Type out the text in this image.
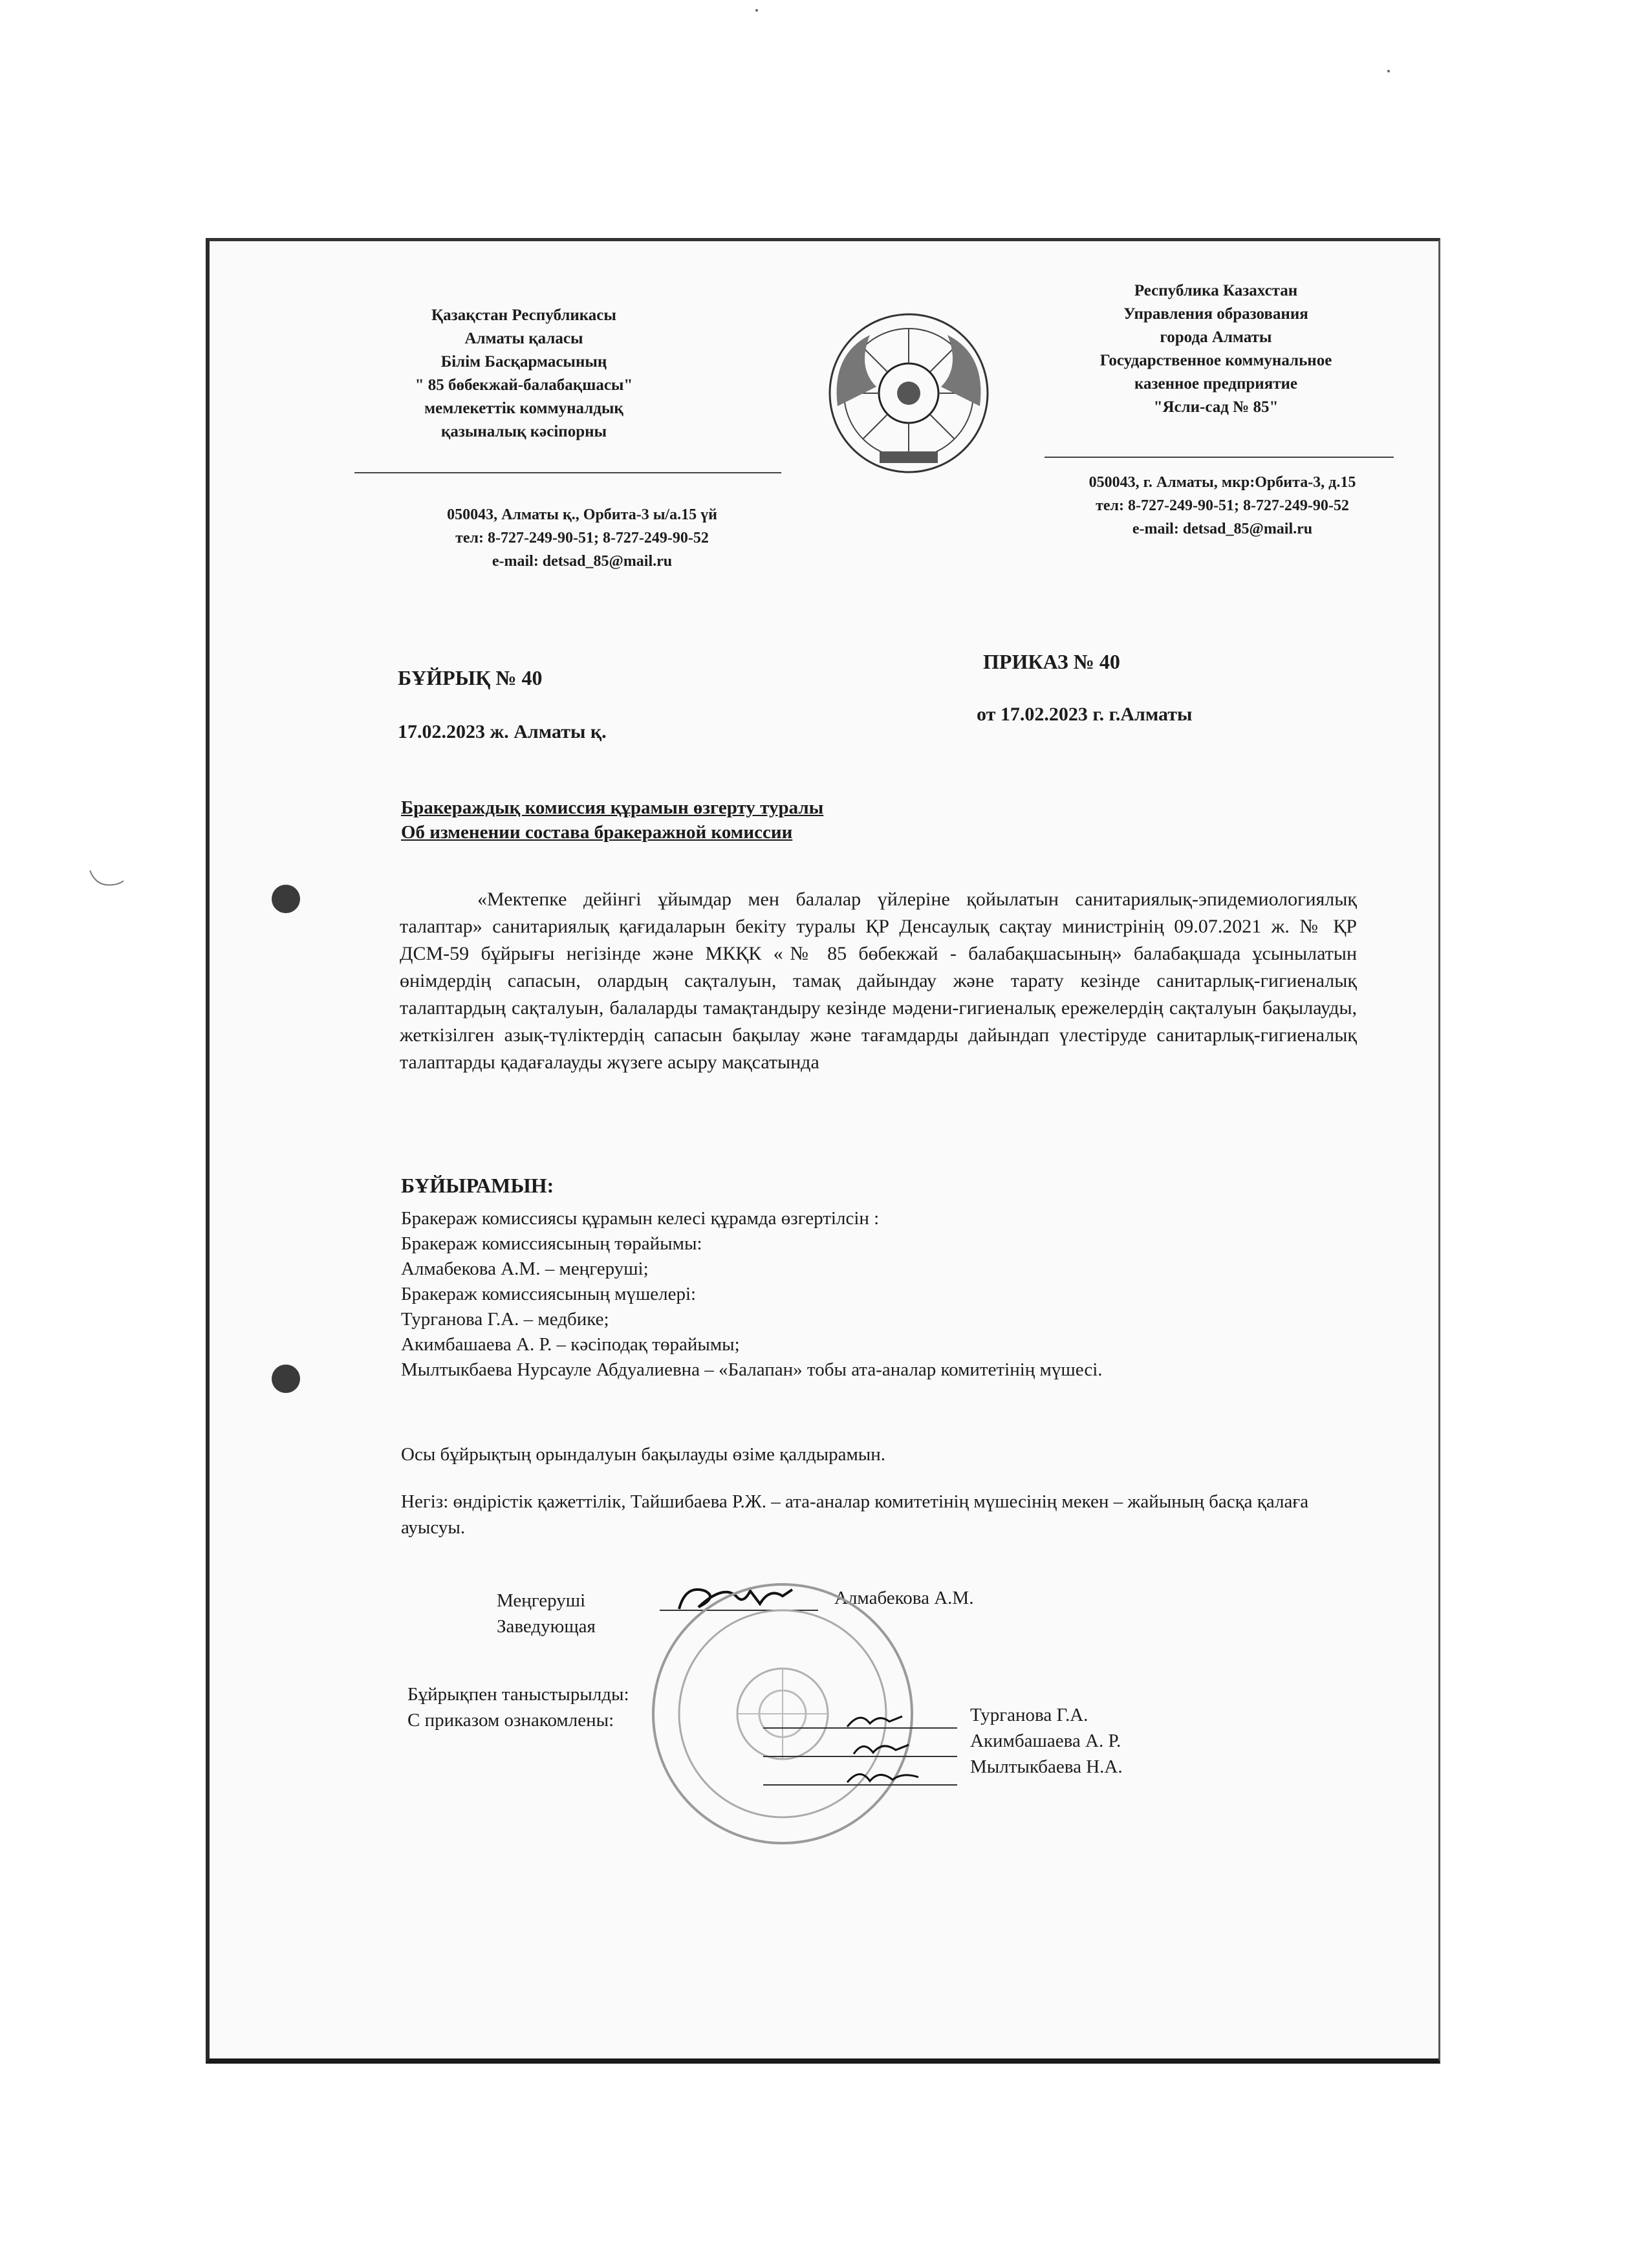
Қазақстан Республикасы
Алматы қаласы
Білім Басқармасының
" 85 бөбекжай-балабақшасы"
мемлекеттік коммуналдық
қазыналық кәсіпорны
Республика Казахстан
Управления образования
города Алматы
Государственное коммунальное
казенное предприятие
"Ясли-сад № 85"
050043, Алматы қ., Орбита-3 ы/а.15 үй
тел: 8-727-249-90-51; 8-727-249-90-52
e-mail: detsad_85@mail.ru
050043, г. Алматы, мкр:Орбита-3, д.15
тел: 8-727-249-90-51; 8-727-249-90-52
e-mail: detsad_85@mail.ru
БҰЙРЫҚ № 40
17.02.2023 ж. Алматы қ.
ПРИКАЗ № 40
от 17.02.2023 г. г.Алматы
Бракераждық комиссия құрамын өзгерту туралы
Об изменении состава бракеражной комиссии
«Мектепке дейінгі ұйымдар мен балалар үйлеріне қойылатын санитариялық-эпидемиологиялық талаптар» санитариялық қағидаларын бекіту туралы ҚР Денсаулық сақтау министрінің 09.07.2021 ж. № ҚР ДСМ-59 бұйрығы негізінде және МКҚК «№ 85 бөбекжай - балабақшасының» балабақшада ұсынылатын өнімдердің сапасын, олардың сақталуын, тамақ дайындау және тарату кезінде санитарлық-гигиеналық талаптардың сақталуын, балаларды тамақтандыру кезінде мәдени-гигиеналық ережелердің сақталуын бақылауды, жеткізілген азық-түліктердің сапасын бақылау және тағамдарды дайындап үлестіруде санитарлық-гигиеналық талаптарды қадағалауды жүзеге асыру мақсатында
БҰЙЫРАМЫН:
Бракераж комиссиясы құрамын келесі құрамда өзгертілсін :
Бракераж комиссиясының төрайымы:
Алмабекова А.М. – меңгеруші;
Бракераж комиссиясының мүшелері:
Турганова Г.А. – медбике;
Акимбашаева А. Р. – кәсіподақ төрайымы;
Мылтыкбаева Нурсауле Абдуалиевна – «Балапан» тобы ата-аналар комитетінің мүшесі.
Осы бұйрықтың орындалуын бақылауды өзіме қалдырамын.
Негіз: өндірістік қажеттілік, Тайшибаева Р.Ж. – ата-аналар комитетінің мүшесінің мекен – жайының басқа қалаға ауысуы.
Меңгеруші
Заведующая
Алмабекова А.М.
Бұйрықпен таныстырылды:
С приказом ознакомлены:	Турганова Г.А.
Акимбашаева А. Р.
Мылтыкбаева Н.А.
